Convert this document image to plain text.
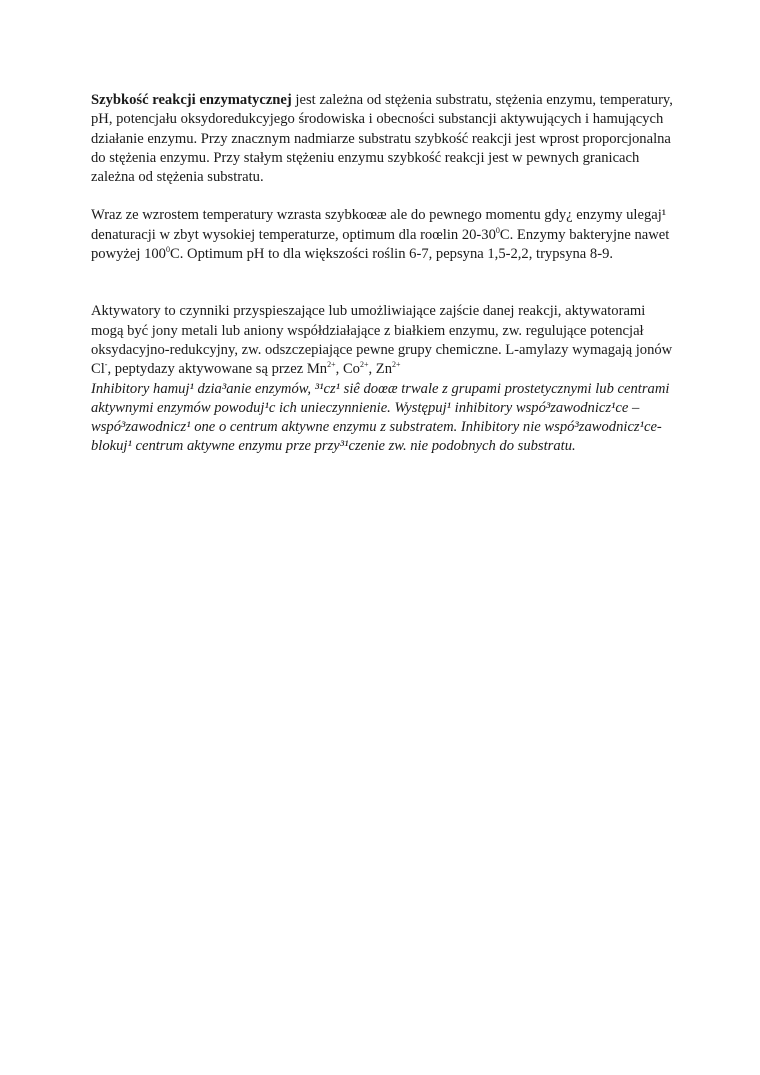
Szybkość reakcji enzymatycznej jest zależna od stężenia substratu, stężenia enzymu, temperatury, pH, potencjału oksydoredukcyjego środowiska i obecności substancji aktywujących i hamujących działanie enzymu. Przy znacznym nadmiarze substratu szybkość reakcji jest wprost proporcjonalna do stężenia enzymu. Przy stałym stężeniu enzymu szybkość reakcji jest w pewnych granicach zależna od stężenia substratu.

Wraz ze wzrostem temperatury wzrasta szybkoœæ ale do pewnego momentu gdy¿ enzymy ulegaj¹ denaturacji w zbyt wysokiej temperaturze, optimum dla roœlin $20-30^0C$. Enzymy bakteryjne nawet powyżej $100^0C$. Optimum pH to dla większości roślin 6-7, pepsyna 1,5-2,2, trypsyna 8-9.

Aktywatory to czynniki przyspieszające lub umożliwiające zajście danej reakcji, aktywatorami mogą być jony metali lub aniony współdziałające z białkiem enzymu, zw. regulujące potencjał oksydacyjno-redukcyjny, zw. odszczepiające pewne grupy chemiczne. L-amylazy wymagają jonów Cl-, peptydazy aktywowane są przez $Mn^{2+}$, $Co^{2+}$, $Zn^{2+}$

Inhibitory hamuj¹ dzia³anie enzymów, ³¹cz¹ siê doœæ trwale z grupami prostetycznymi lub centrami aktywnymi enzymów powoduj¹c ich unieczynnienie. Występuj¹ inhibitory wspó³zawodnicz¹ce –wspó³zawodnicz¹ one o centrum aktywne enzymu z substratem. Inhibitory nie wspó³zawodnicz¹ce- blokuj¹ centrum aktywne enzymu prze przy³¹czenie zw. nie podobnych do substratu.
